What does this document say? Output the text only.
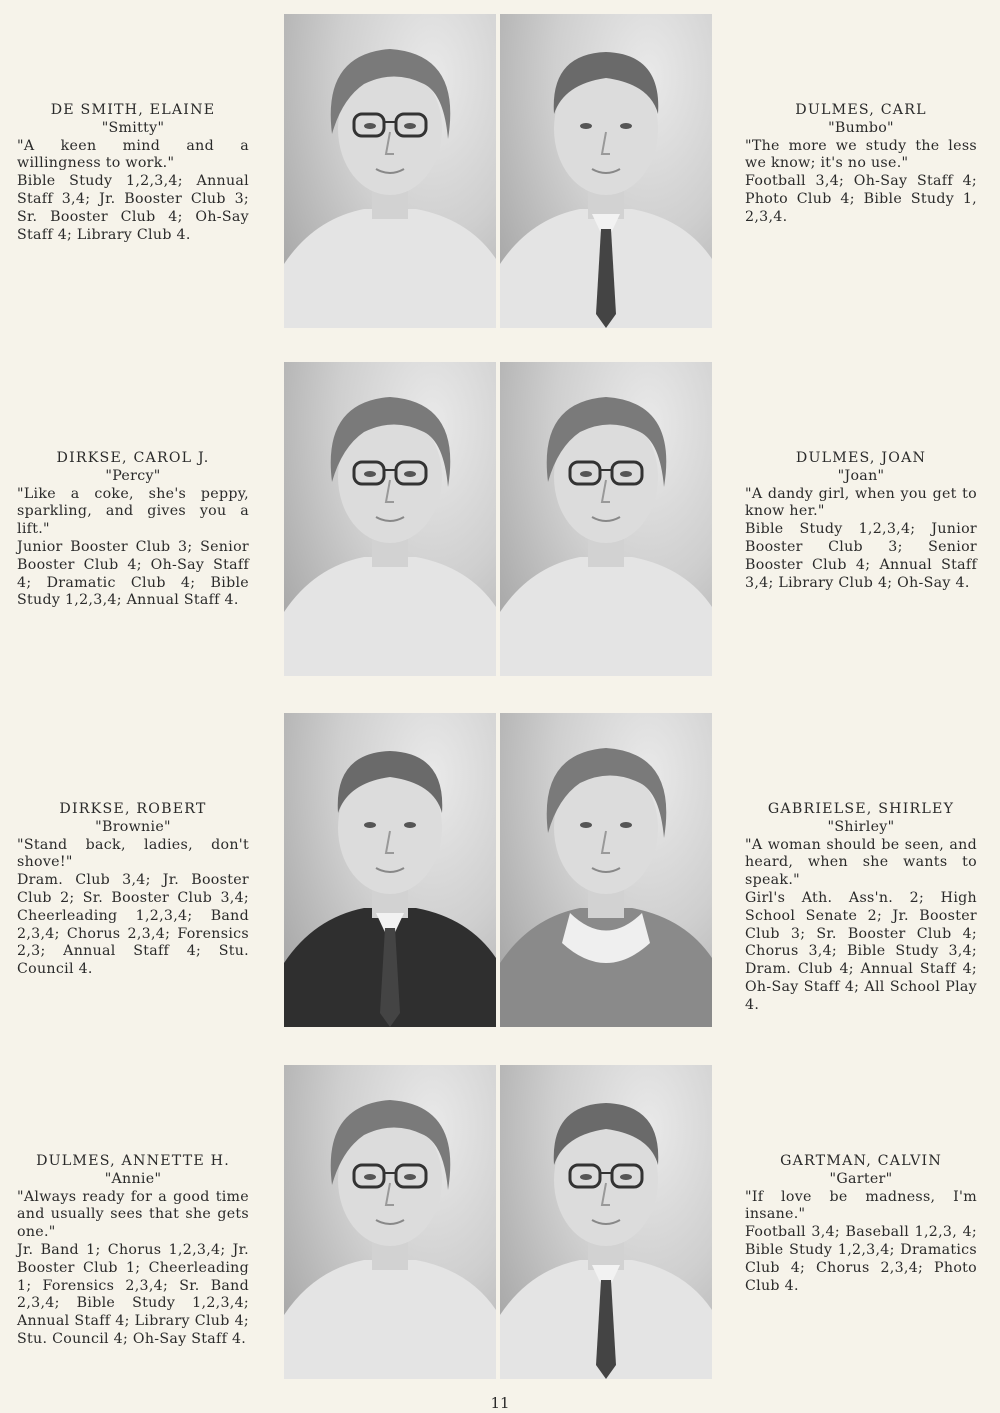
DE SMITH, ELAINE
"Smitty"
"A keen mind and a willingness to work."
Bible Study 1,2,3,4; Annual Staff 3,4; Jr. Booster Club 3; Sr. Booster Club 4; Oh-Say Staff 4; Library Club 4.
DULMES, CARL
"Bumbo"
"The more we study the less we know; it's no use."
Football 3,4; Oh-Say Staff 4; Photo Club 4; Bible Study 1, 2,3,4.
DIRKSE, CAROL J.
"Percy"
"Like a coke, she's peppy, sparkling, and gives you a lift."
Junior Booster Club 3; Senior Booster Club 4; Oh-Say Staff 4; Dramatic Club 4; Bible Study 1,2,3,4; Annual Staff 4.
DULMES, JOAN
"Joan"
"A dandy girl, when you get to know her."
Bible Study 1,2,3,4; Junior Booster Club 3; Senior Booster Club 4; Annual Staff 3,4; Library Club 4; Oh-Say 4.
DIRKSE, ROBERT
"Brownie"
"Stand back, ladies, don't shove!"
Dram. Club 3,4; Jr. Booster Club 2; Sr. Booster Club 3,4; Cheerleading 1,2,3,4; Band 2,3,4; Chorus 2,3,4; Forensics 2,3; Annual Staff 4; Stu. Council 4.
GABRIELSE, SHIRLEY
"Shirley"
"A woman should be seen, and heard, when she wants to speak."
Girl's Ath. Ass'n. 2; High School Senate 2; Jr. Booster Club 3; Sr. Booster Club 4; Chorus 3,4; Bible Study 3,4; Dram. Club 4; Annual Staff 4; Oh-Say Staff 4; All School Play 4.
DULMES, ANNETTE H.
"Annie"
"Always ready for a good time and usually sees that she gets one."
Jr. Band 1; Chorus 1,2,3,4; Jr. Booster Club 1; Cheerleading 1; Forensics 2,3,4; Sr. Band 2,3,4; Bible Study 1,2,3,4; Annual Staff 4; Library Club 4; Stu. Council 4; Oh-Say Staff 4.
GARTMAN, CALVIN
"Garter"
"If love be madness, I'm insane."
Football 3,4; Baseball 1,2,3, 4; Bible Study 1,2,3,4; Dramatics Club 4; Chorus 2,3,4; Photo Club 4.
11
